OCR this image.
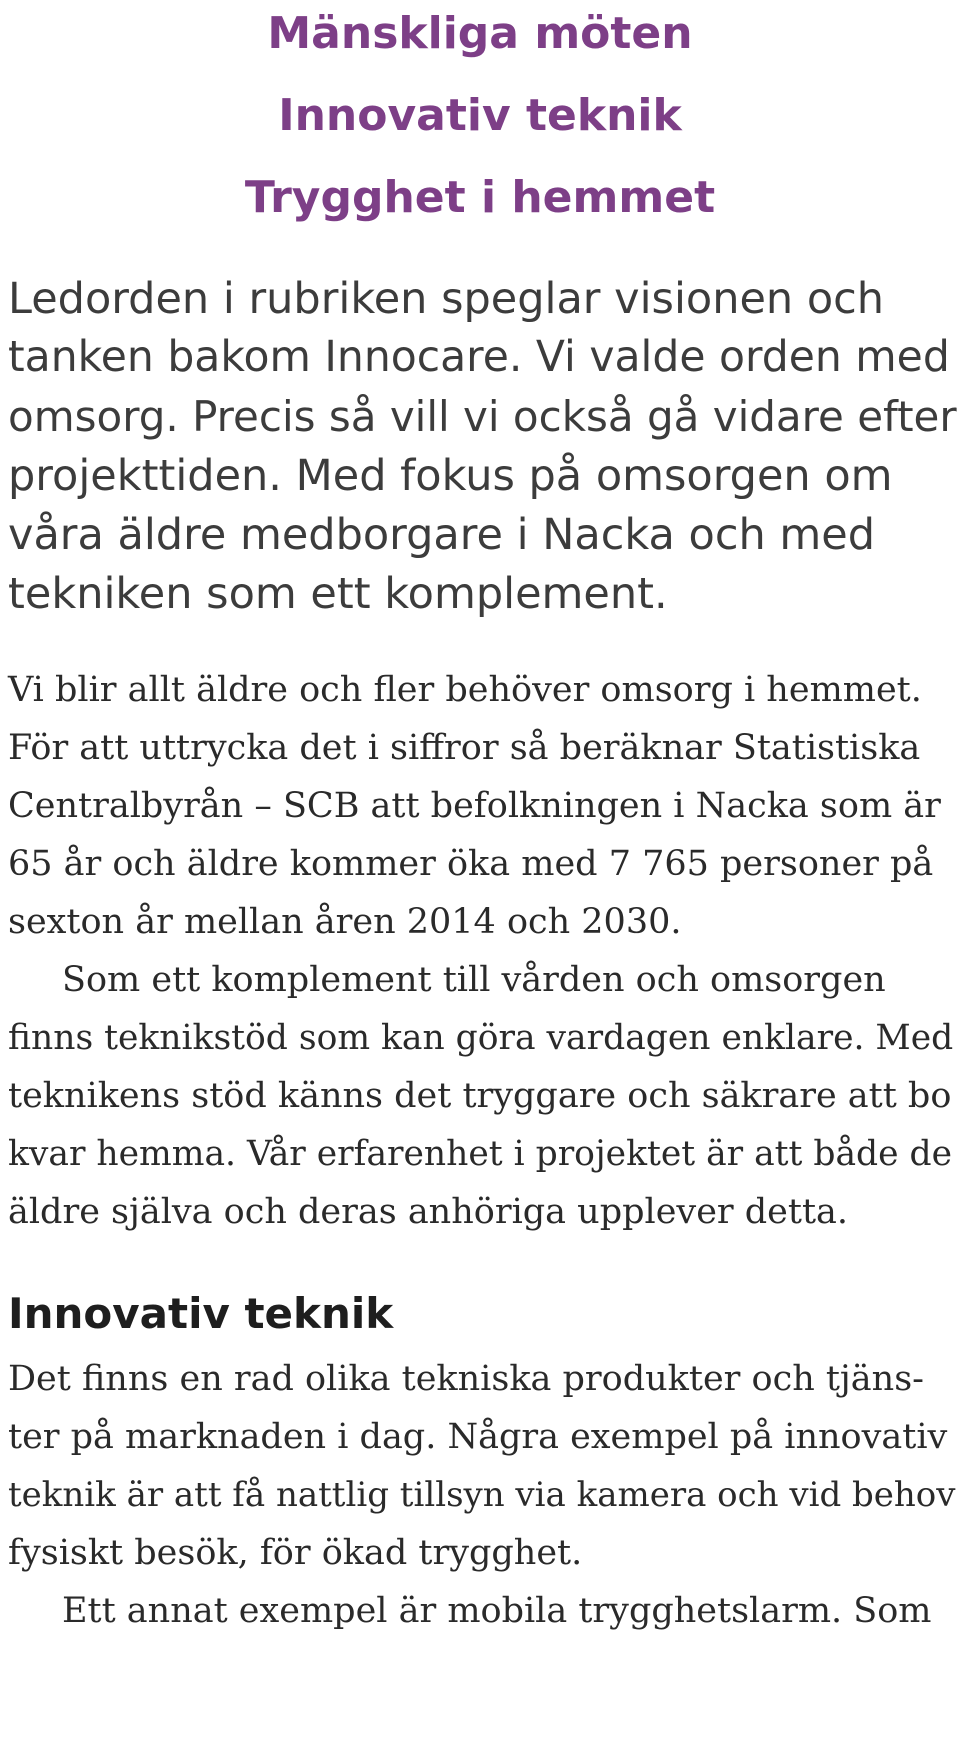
Mänskliga möten
Innovativ teknik
Trygghet i hemmet

Ledorden i rubriken speglar visionen och

tanken bakom Innocare. Vi valde orden med

omsorg. Precis så vill vi också gå vidare efter

projekttiden. Med fokus på omsorgen om

våra äldre medborgare i Nacka och med

tekniken som ett komplement.

Vi blir allt äldre och fler behöver omsorg i hemmet.

För att uttrycka det i siffror så beräknar Statistiska

Centralbyrån – SCB att befolkningen i Nacka som är

65 år och äldre kommer öka med 7 765 personer på

sexton år mellan åren 2014 och 2030.

Som ett komplement till vården och omsorgen

finns teknikstöd som kan göra vardagen enklare. Med

teknikens stöd känns det tryggare och säkrare att bo

kvar hemma. Vår erfarenhet i projektet är att både de

äldre själva och deras anhöriga upplever detta.

Innovativ teknik

Det finns en rad olika tekniska produkter och tjäns-

ter på marknaden i dag. Några exempel på innovativ

teknik är att få nattlig tillsyn via kamera och vid behov

fysiskt besök, för ökad trygghet.

Ett annat exempel är mobila trygghetslarm. Som
